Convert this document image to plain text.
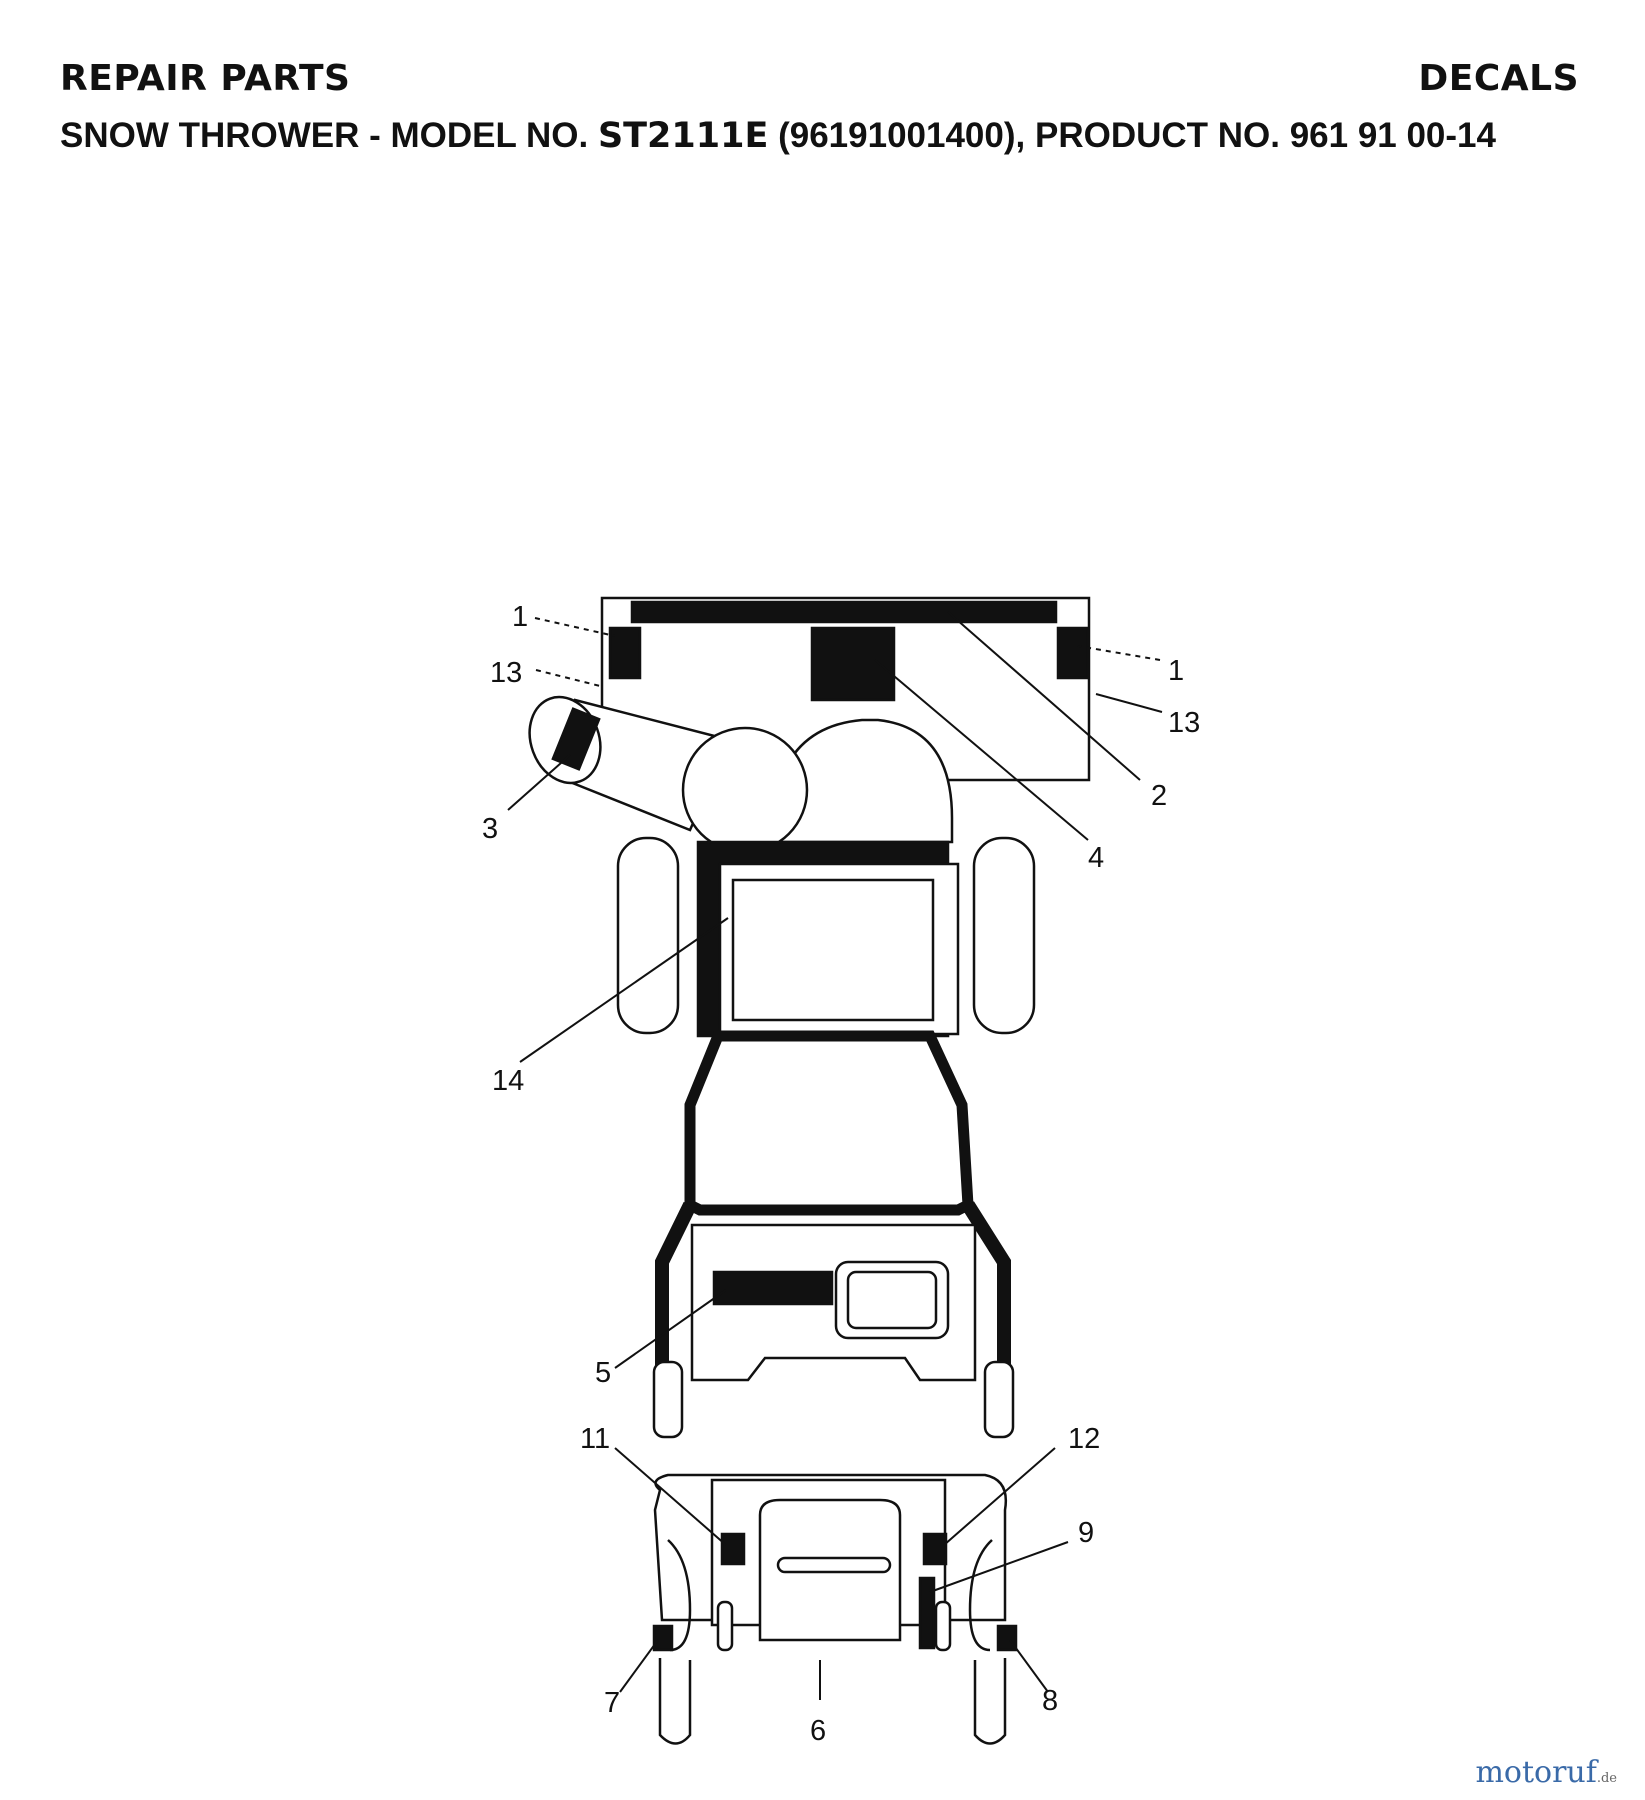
REPAIR PARTS	DECALS
SNOW THROWER - MODEL NO. ST2111E (96191001400), PRODUCT NO. 961 91 00-14
1
1
13
13
2
4
3
14
5
11	12
9
7	8
6
motoruf.de
